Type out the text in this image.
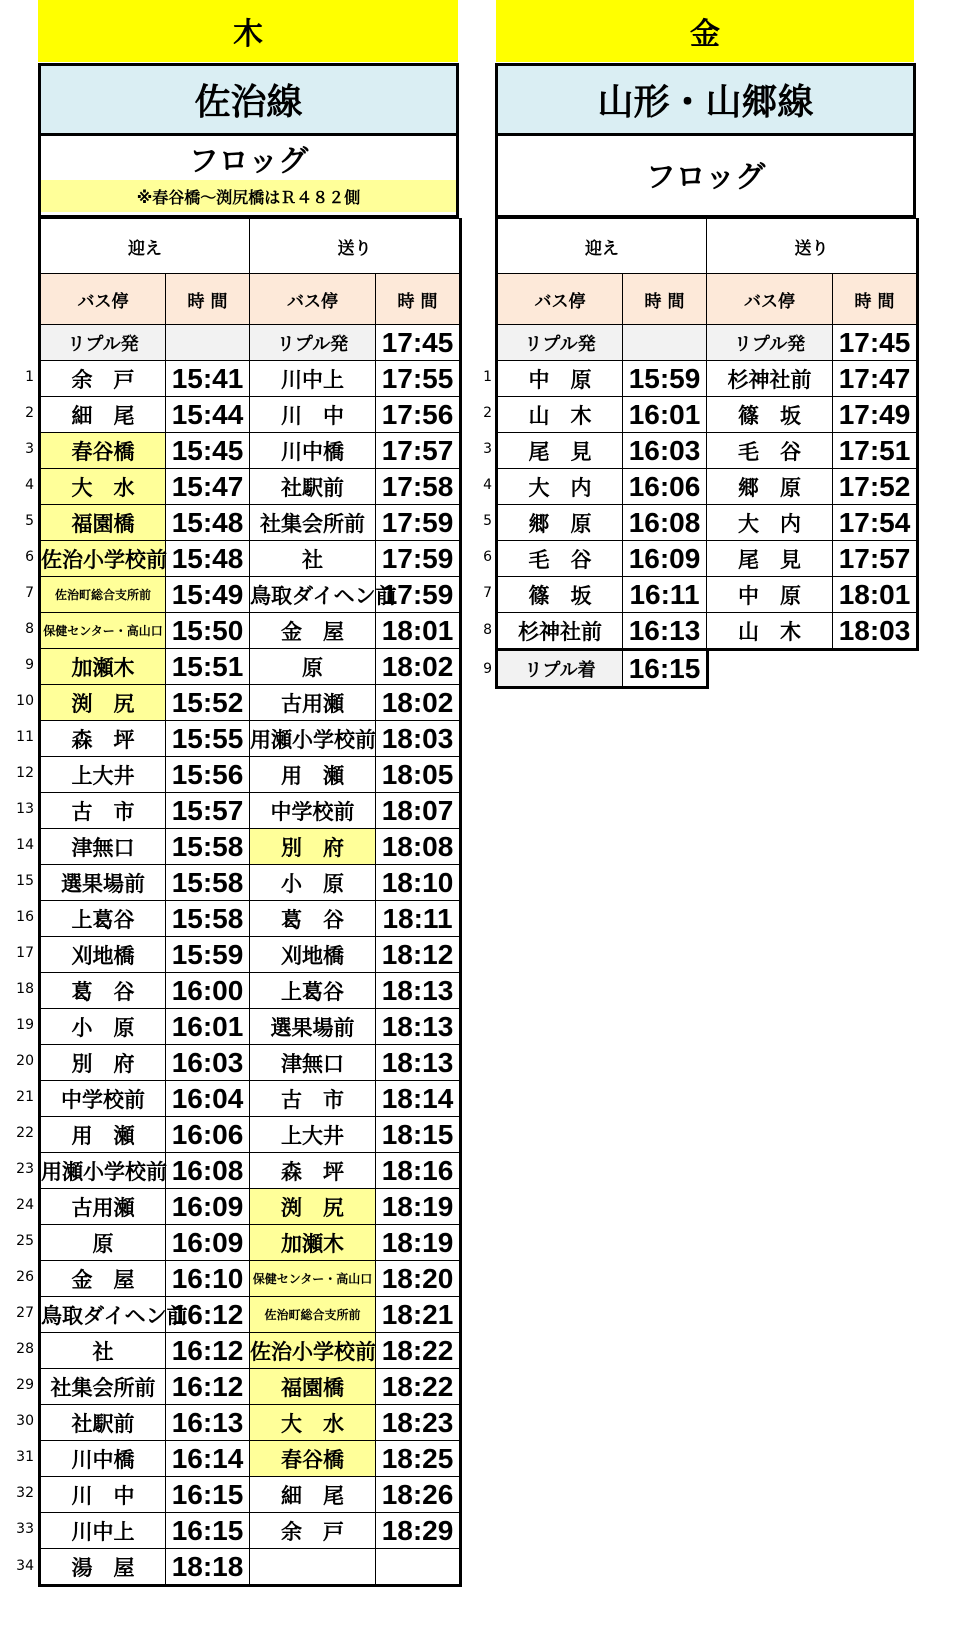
木
佐治線
フロッグ
※春谷橋～渕尻橋はＲ４８２側
迎え		送り	
バス停	時 間	バス停	時 間
リプル発		リプル発	17:45
余　戸	15:41	川中上	17:55
細　尾	15:44	川　中	17:56
春谷橋	15:45	川中橋	17:57
大　水	15:47	社駅前	17:58
福園橋	15:48	社集会所前	17:59
佐治小学校前	15:48	社	17:59
佐治町総合支所前	15:49	鳥取ダイヘン前	17:59
保健センター・高山口	15:50	金　屋	18:01
加瀬木	15:51	原	18:02
渕　尻	15:52	古用瀬	18:02
森　坪	15:55	用瀬小学校前	18:03
上大井	15:56	用　瀬	18:05
古　市	15:57	中学校前	18:07
津無口	15:58	別　府	18:08
選果場前	15:58	小　原	18:10
上葛谷	15:58	葛　谷	18:11
刈地橋	15:59	刈地橋	18:12
葛　谷	16:00	上葛谷	18:13
小　原	16:01	選果場前	18:13
別　府	16:03	津無口	18:13
中学校前	16:04	古　市	18:14
用　瀬	16:06	上大井	18:15
用瀬小学校前	16:08	森　坪	18:16
古用瀬	16:09	渕　尻	18:19
原	16:09	加瀬木	18:19
金　屋	16:10	保健センター・高山口	18:20
鳥取ダイヘン前	16:12	佐治町総合支所前	18:21
社	16:12	佐治小学校前	18:22
社集会所前	16:12	福園橋	18:22
社駅前	16:13	大　水	18:23
川中橋	16:14	春谷橋	18:25
川　中	16:15	細　尾	18:26
川中上	16:15	余　戸	18:29
湯　屋	18:18		
金
山形・山郷線
フロッグ
迎え		送り	
バス停	時 間	バス停	時 間
リプル発		リプル発	17:45
中　原	15:59	杉神社前	17:47
山　木	16:01	篠　坂	17:49
尾　見	16:03	毛　谷	17:51
大　内	16:06	郷　原	17:52
郷　原	16:08	大　内	17:54
毛　谷	16:09	尾　見	17:57
篠　坂	16:11	中　原	18:01
杉神社前	16:13	山　木	18:03
リプル着	16:15
1
2
3
4
5
6
7
8
9
10
11
12
13
14
15
16
17
18
19
20
21
22
23
24
25
26
27
28
29
30
31
32
33
34
1
2
3
4
5
6
7
8
9
